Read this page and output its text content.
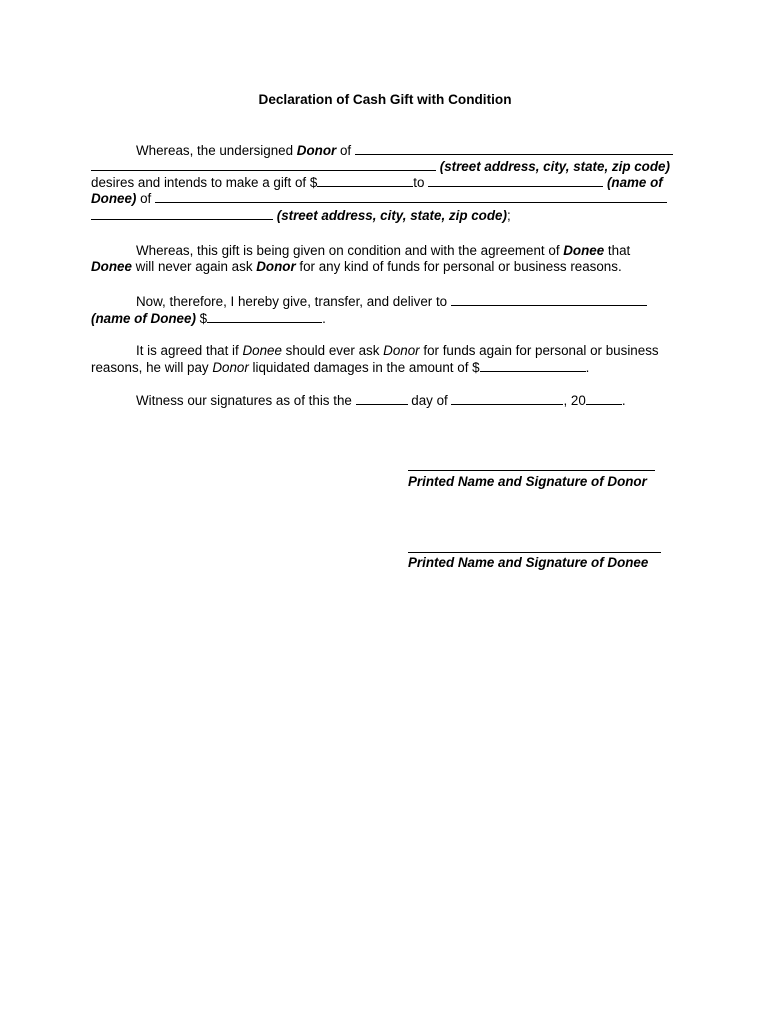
Declaration of Cash Gift with Condition
Whereas, the undersigned Donor of
(street address, city, state, zip code)
desires and intends to make a gift of $	to	(name of
Donee) of
(street address, city, state, zip code);
Whereas, this gift is being given on condition and with the agreement of Donee that
Donee will never again ask Donor for any kind of funds for personal or business reasons.
Now, therefore, I hereby give, transfer, and deliver to
(name of Donee) $	.
It is agreed that if Donee should ever ask Donor for funds again for personal or business
reasons, he will pay Donor liquidated damages in the amount of $	.
Witness our signatures as of this the	day of	, 20	.
Printed Name and Signature of Donor
Printed Name and Signature of Donee
